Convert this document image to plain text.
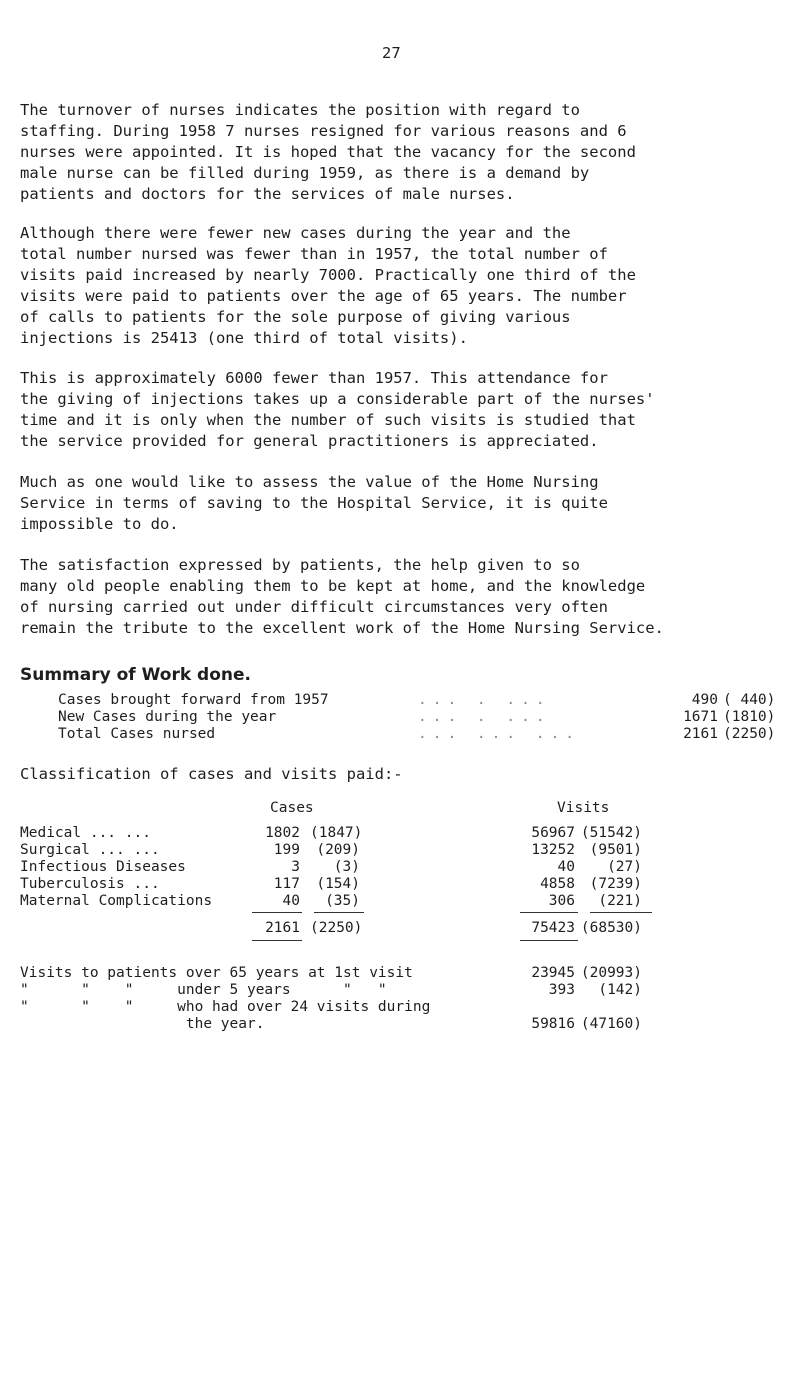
27
The turnover of nurses indicates the position with regard to
staffing. During 1958 7 nurses resigned for various reasons and 6
nurses were appointed. It is hoped that the vacancy for the second
male nurse can be filled during 1959, as there is a demand by
patients and doctors for the services of male nurses.
Although there were fewer new cases during the year and the
total number nursed was fewer than in 1957, the total number of
visits paid increased by nearly 7000. Practically one third of the
visits were paid to patients over the age of 65 years. The number
of calls to patients for the sole purpose of giving various
injections is 25413 (one third of total visits).
This is approximately 6000 fewer than 1957. This attendance for
the giving of injections takes up a considerable part of the nurses'
time and it is only when the number of such visits is studied that
the service provided for general practitioners is appreciated.
Much as one would like to assess the value of the Home Nursing
Service in terms of saving to the Hospital Service, it is quite
impossible to do.
The satisfaction expressed by patients, the help given to so
many old people enabling them to be kept at home, and the knowledge
of nursing carried out under difficult circumstances very often
remain the tribute to the excellent work of the Home Nursing Service.
Summary of Work done.
Cases brought forward from 1957	... . ...	490 ( 440)
New Cases during the year	... . ...	1671 (1810)
Total Cases nursed	... ... ...	2161 (2250)
Classification of cases and visits paid:-
Cases	Visits
Medical ... ...	1802 (1847)	56967 (51542)
Surgical ... ...	199	(209)	13252	(9501)
Infectious Diseases	3	(3)	40	(27)
Tuberculosis ...	117	(154)	4858	(7239)
Maternal Complications	40	(35)	306	(221)
2161 (2250)	75423 (68530)
Visits to patients over 65 years at 1st visit	23945 (20993)
"      "    "     under 5 years      "   "	393	(142)
"      "    "     who had over 24 visits during
the year.	59816 (47160)
